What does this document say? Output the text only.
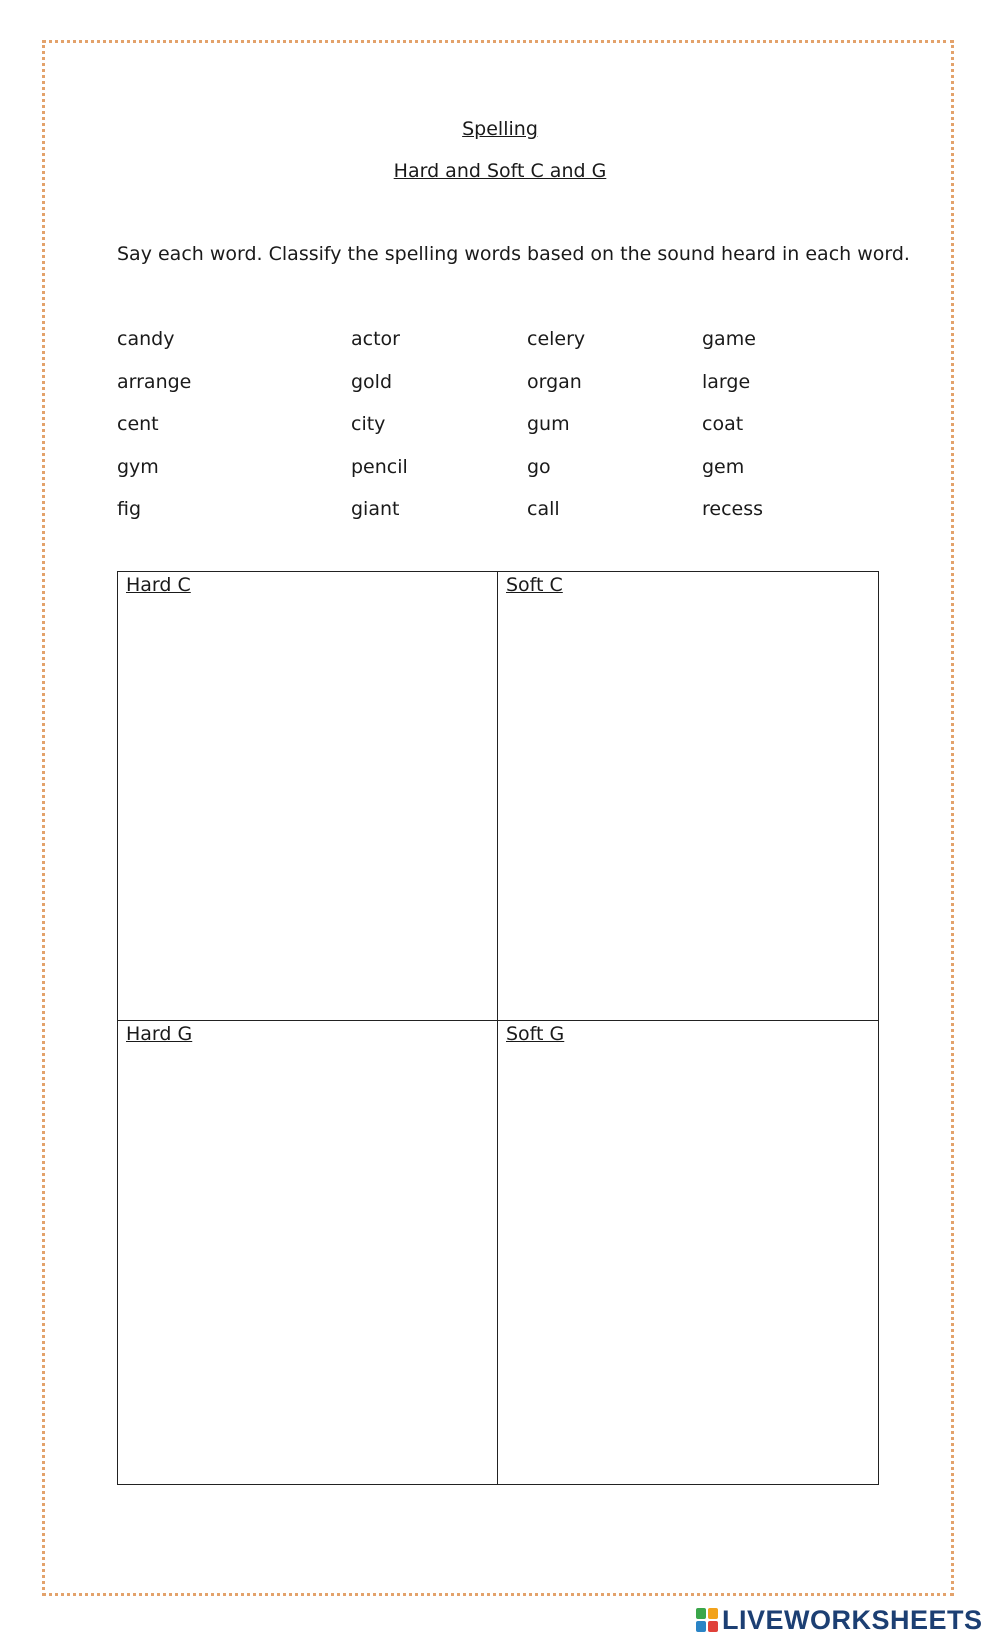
Spelling
Hard and Soft C and G
Say each word. Classify the spelling words based on the sound heard in each word.
candy	actor	celery	game
arrange	gold	organ	large
cent	city	gum	coat
gym	pencil	go	gem
fig	giant	call	recess
Hard C	Soft C
Hard G	Soft G
LIVEWORKSHEETS
